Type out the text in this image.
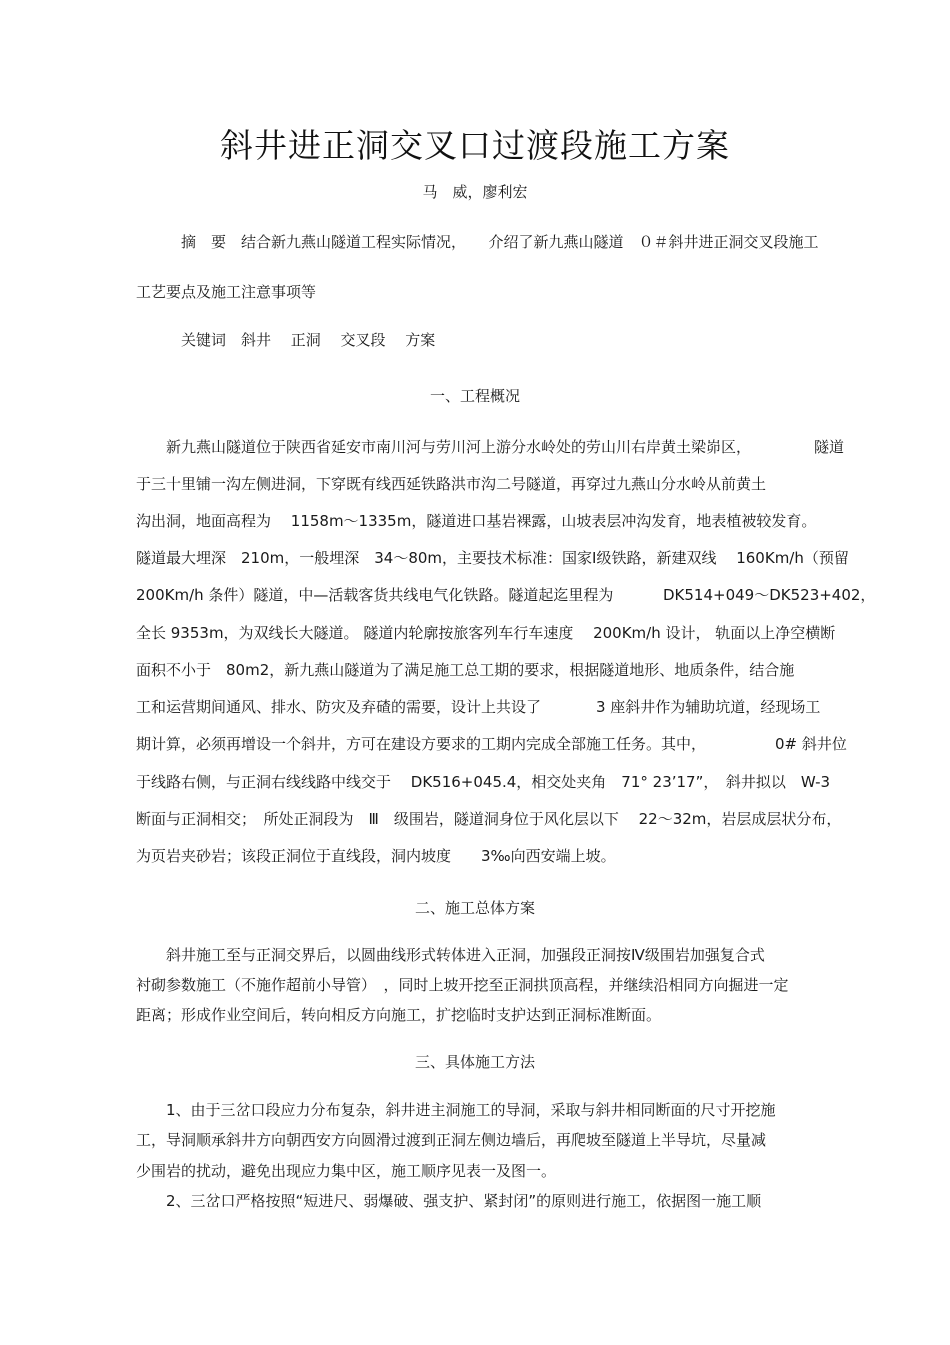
斜井进正洞交叉口过渡段施工方案
马　威，廖利宏
摘　要　结合新九燕山隧道工程实际情况，　　介绍了新九燕山隧道　０＃斜井进正洞交叉段施工
工艺要点及施工注意事项等
关键词　斜井　 正洞　 交叉段　 方案
一、工程概况
新九燕山隧道位于陕西省延安市南川河与劳川河上游分水岭处的劳山川右岸黄土梁峁区，	隧道
于三十里铺一沟左侧进洞，下穿既有线西延铁路洪市沟二号隧道，再穿过九燕山分水岭从前黄土
沟出洞，地面高程为　 1158m～1335m，隧道进口基岩裸露，山坡表层冲沟发育，地表植被较发育。
隧道最大埋深　210m，一般埋深　34～80m，主要技术标准：国家Ⅰ级铁路，新建双线　 160Km/h（预留
200Km/h 条件）隧道，中—活载客货共线电气化铁路。隧道起迄里程为	DK514+049～DK523+402，
全长 9353m，为双线长大隧道。 隧道内轮廓按旅客列车行车速度　 200Km/h 设计， 轨面以上净空横断
面积不小于　80m2，新九燕山隧道为了满足施工总工期的要求，根据隧道地形、地质条件，结合施
工和运营期间通风、排水、防灾及弃碴的需要，设计上共设了	3 座斜井作为辅助坑道，经现场工
期计算，必须再增设一个斜井，方可在建设方要求的工期内完成全部施工任务。其中，	0# 斜井位
于线路右侧，与正洞右线线路中线交于　 DK516+045.4，相交处夹角　71° 23’17”，　斜井拟以　W-3
断面与正洞相交；　所处正洞段为　Ⅲ　级围岩，隧道洞身位于风化层以下　 22～32m，岩层成层状分布，
为页岩夹砂岩；该段正洞位于直线段，洞内坡度　　3‰向西安端上坡。
二、施工总体方案
斜井施工至与正洞交界后，以圆曲线形式转体进入正洞，加强段正洞按Ⅳ级围岩加强复合式
衬砌参数施工（不施作超前小导管）　，同时上坡开挖至正洞拱顶高程，并继续沿相同方向掘进一定
距离；形成作业空间后，转向相反方向施工，扩挖临时支护达到正洞标准断面。
三、具体施工方法
1、由于三岔口段应力分布复杂，斜井进主洞施工的导洞，采取与斜井相同断面的尺寸开挖施
工，导洞顺承斜井方向朝西安方向圆滑过渡到正洞左侧边墙后，再爬坡至隧道上半导坑，尽量减
少围岩的扰动，避免出现应力集中区，施工顺序见表一及图一。
2、三岔口严格按照“短进尺、弱爆破、强支护、紧封闭”的原则进行施工，依据图一施工顺
